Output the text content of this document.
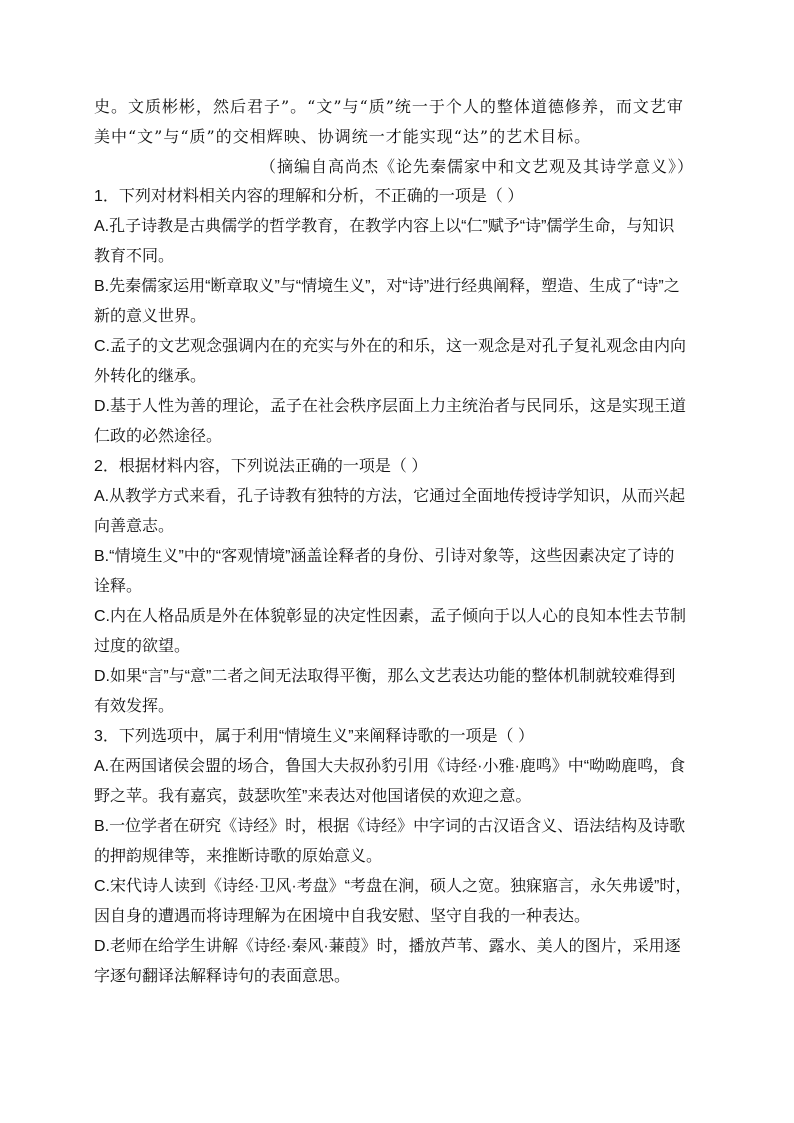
史。文质彬彬，然后君子”。“文”与“质”统一于个人的整体道德修养，而文艺审

美中“文”与“质”的交相辉映、协调统一才能实现“达”的艺术目标。

（摘编自高尚杰《论先秦儒家中和文艺观及其诗学意义》）

1．下列对材料相关内容的理解和分析，不正确的一项是（ ）

A.孔子诗教是古典儒学的哲学教育，在教学内容上以“仁”赋予“诗”儒学生命，与知识
教育不同。

B.先秦儒家运用“断章取义”与“情境生义”，对“诗”进行经典阐释，塑造、生成了“诗”之
新的意义世界。

C.孟子的文艺观念强调内在的充实与外在的和乐，这一观念是对孔子复礼观念由内向
外转化的继承。

D.基于人性为善的理论，孟子在社会秩序层面上力主统治者与民同乐，这是实现王道
仁政的必然途径。

2．根据材料内容，下列说法正确的一项是（ ）

A.从教学方式来看，孔子诗教有独特的方法，它通过全面地传授诗学知识，从而兴起
向善意志。

B.“情境生义”中的“客观情境”涵盖诠释者的身份、引诗对象等，这些因素决定了诗的
诠释。

C.内在人格品质是外在体貌彰显的决定性因素，孟子倾向于以人心的良知本性去节制
过度的欲望。

D.如果“言”与“意”二者之间无法取得平衡，那么文艺表达功能的整体机制就较难得到
有效发挥。

3．下列选项中，属于利用“情境生义”来阐释诗歌的一项是（ ）

A.在两国诸侯会盟的场合，鲁国大夫叔孙豹引用《诗经·小雅·鹿鸣》中“呦呦鹿鸣，食
野之苹。我有嘉宾，鼓瑟吹笙”来表达对他国诸侯的欢迎之意。

B.一位学者在研究《诗经》时，根据《诗经》中字词的古汉语含义、语法结构及诗歌
的押韵规律等，来推断诗歌的原始意义。

C.宋代诗人读到《诗经·卫风·考盘》“考盘在涧，硕人之宽。独寐寤言，永矢弗谖”时，
因自身的遭遇而将诗理解为在困境中自我安慰、坚守自我的一种表达。

D.老师在给学生讲解《诗经·秦风·蒹葭》时，播放芦苇、露水、美人的图片，采用逐
字逐句翻译法解释诗句的表面意思。
